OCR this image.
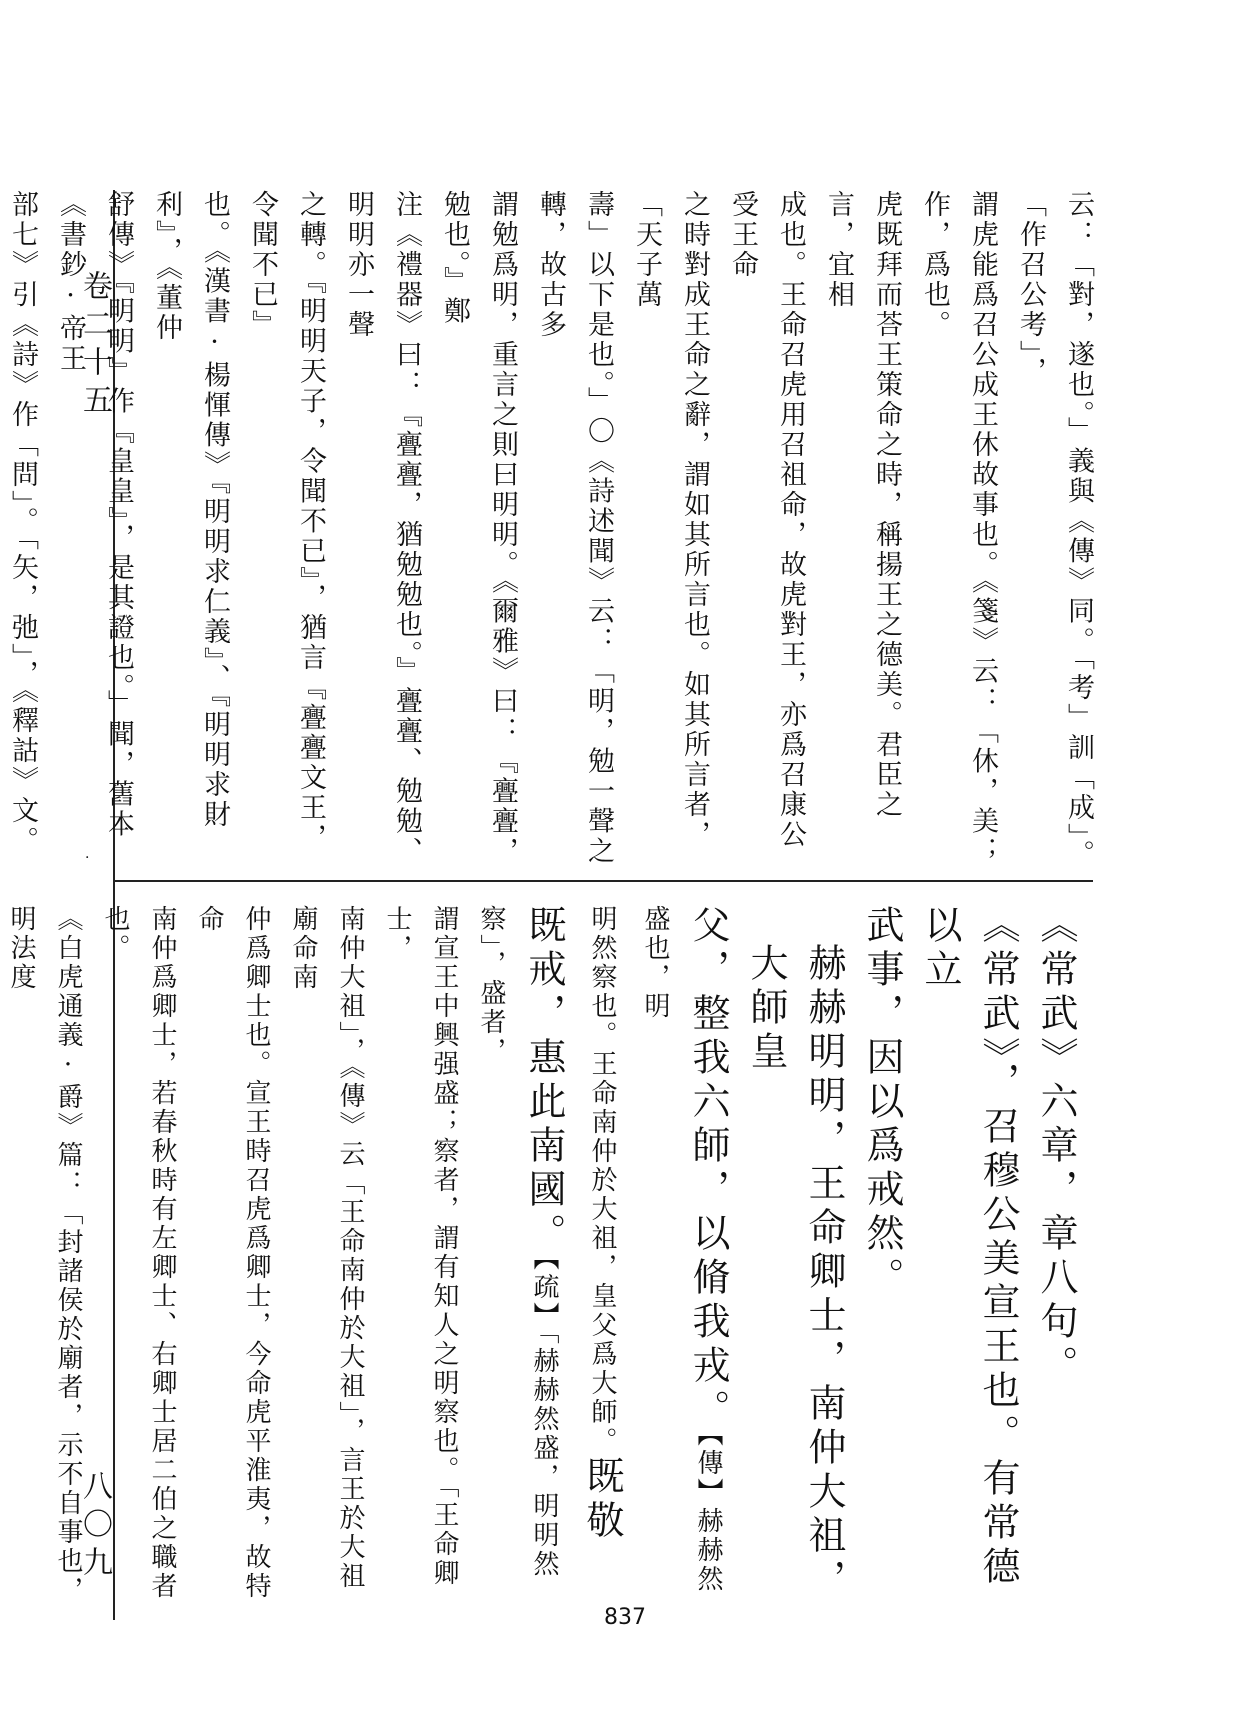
卷二十五
·
八〇九
云：「對，遂也。」義與《傳》同。「考」訓「成」。「作召公考」，
謂虎能爲召公成王休故事也。《箋》云：「休，美；作，爲也。
虎既拜而荅王策命之時，稱揚王之德美。君臣之言，宜相
成也。王命召虎用召祖命，故虎對王，亦爲召康公受王命
之時對成王命之辭，謂如其所言也。如其所言者，「天子萬
壽」以下是也。」〇《詩述聞》云：「明，勉一聲之轉，故古多
謂勉爲明，重言之則曰明明。《爾雅》曰：『亹亹，勉也。』鄭
注《禮器》曰：『亹亹，猶勉勉也。』亹亹、勉勉、明明亦一聲
之轉。『明明天子，令聞不已』，猶言『亹亹文王，令聞不已』
也。《漢書·楊惲傳》『明明求仁義』、『明明求財利』，《董仲
舒傳》『明明』作『皇皇』，是其證也。」聞，舊本《書鈔·帝王
部七》引《詩》作「問」。「矢，弛」，《釋詁》文。
《常武》六章，章八句。
《常武》，召穆公美宣王也。有常德以立
武事，因以爲戒然。
赫赫明明，王命卿士，南仲大祖，大師皇
父，整我六師，以脩我戎。【傳】赫赫然盛也，明
明然察也。王命南仲於大祖，皇父爲大師。既敬
既戒，惠此南國。【疏】「赫赫然盛，明明然察」，盛者，
謂宣王中興强盛；察者，謂有知人之明察也。「王命卿士，
南仲大祖」，《傳》云「王命南仲於大祖」，言王於大祖廟命南
仲爲卿士也。宣王時召虎爲卿士，今命虎平淮夷，故特命
南仲爲卿士，若春秋時有左卿士、右卿士居二伯之職者也。
《白虎通義·爵》篇：「封諸侯於廟者，示不自事也，明法度
837
